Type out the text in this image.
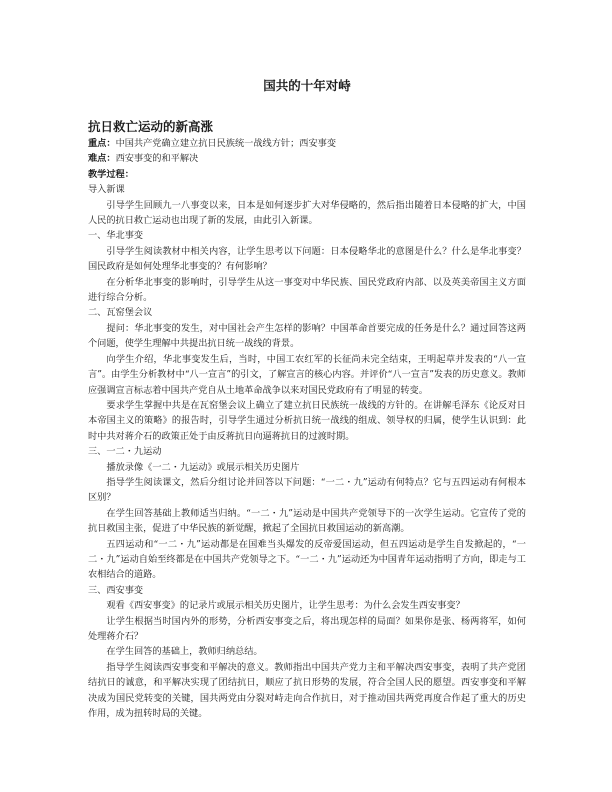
国共的十年对峙
抗日救亡运动的新高涨

重点：中国共产党确立建立抗日民族统一战线方针；西安事变

难点：西安事变的和平解决

教学过程：

导入新课

引导学生回顾九一八事变以来，日本是如何逐步扩大对华侵略的，然后指出随着日本侵略的扩大，中国人民的抗日救亡运动也出现了新的发展，由此引入新课。

一、华北事变

引导学生阅读教材中相关内容，让学生思考以下问题：日本侵略华北的意图是什么？什么是华北事变？国民政府是如何处理华北事变的？有何影响？

在分析华北事变的影响时，引导学生从这一事变对中华民族、国民党政府内部、以及英美帝国主义方面进行综合分析。

二、瓦窑堡会议

提问：华北事变的发生，对中国社会产生怎样的影响？中国革命首要完成的任务是什么？通过回答这两个问题，使学生理解中共提出抗日统一战线的背景。

向学生介绍，华北事变发生后，当时，中国工农红军的长征尚未完全结束，王明起草并发表的“八一宣言”。由学生分析教材中“八一宣言”的引文，了解宣言的核心内容。并评价“八一宣言”发表的历史意义。教师应强调宣言标志着中国共产党自从土地革命战争以来对国民党政府有了明显的转变。

要求学生掌握中共是在瓦窑堡会议上确立了建立抗日民族统一战线的方针的。在讲解毛泽东《论反对日本帝国主义的策略》的报告时，引导学生通过分析抗日统一战线的组成、领导权的归属，使学生认识到：此时中共对蒋介石的政策正处于由反蒋抗日向逼蒋抗日的过渡时期。

三、一二・九运动

播放录像《一二・九运动》或展示相关历史图片

指导学生阅读课文，然后分组讨论并回答以下问题：“一二・九”运动有何特点？它与五四运动有何根本区别？

在学生回答基础上教师适当归纳。“一二・九”运动是中国共产党领导下的一次学生运动。它宣传了党的抗日救国主张，促进了中华民族的新觉醒，掀起了全国抗日救国运动的新高潮。

五四运动和“一二・九”运动都是在国难当头爆发的反帝爱国运动，但五四运动是学生自发掀起的，“一二・九”运动自始至终都是在中国共产党领导之下。“一二・九”运动还为中国青年运动指明了方向，即走与工农相结合的道路。

三、西安事变

观看《西安事变》的记录片或展示相关历史图片，让学生思考：为什么会发生西安事变？

让学生根据当时国内外的形势，分析西安事变之后，将出现怎样的局面？如果你是张、杨两将军，如何处理蒋介石？

在学生回答的基础上，教师归纳总结。

指导学生阅读西安事变和平解决的意义。教师指出中国共产党力主和平解决西安事变，表明了共产党团结抗日的诚意，和平解决实现了团结抗日，顺应了抗日形势的发展，符合全国人民的愿望。西安事变和平解决成为国民党转变的关键，国共两党由分裂对峙走向合作抗日，对于推动国共两党再度合作起了重大的历史作用，成为扭转时局的关键。
